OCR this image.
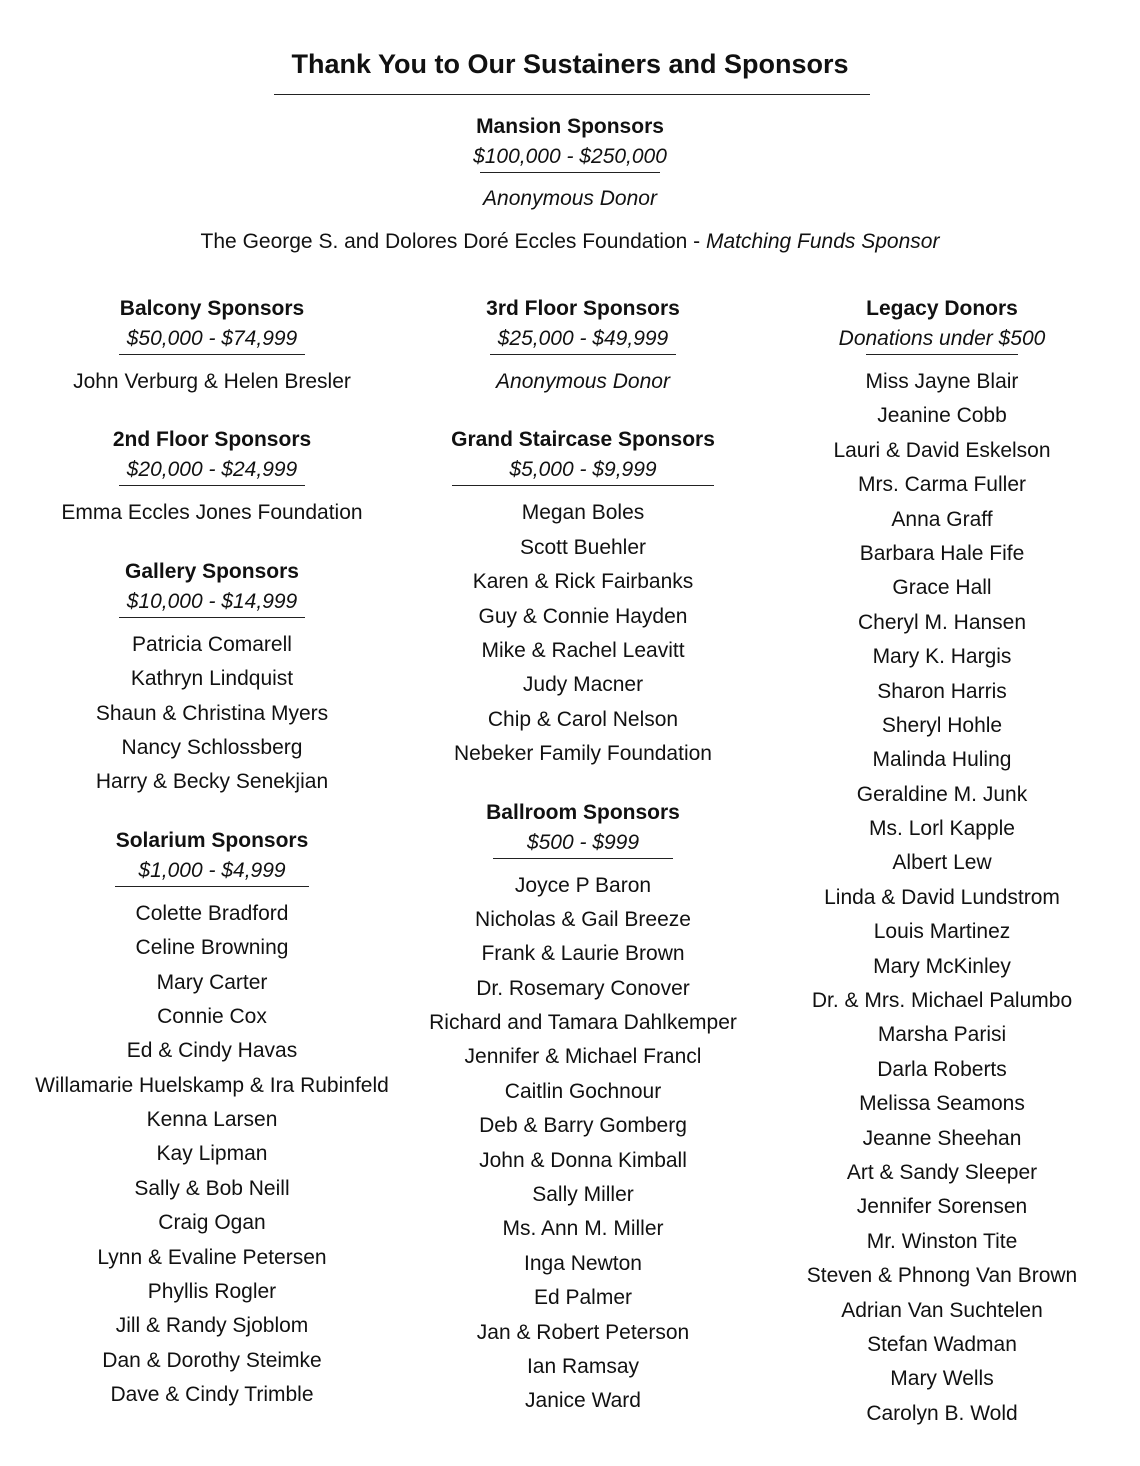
Thank You to Our Sustainers and Sponsors
Mansion Sponsors
$100,000 - $250,000
Anonymous Donor
The George S. and Dolores Doré Eccles Foundation - Matching Funds Sponsor
Balcony Sponsors
$50,000 - $74,999
John Verburg & Helen Bresler
2nd Floor Sponsors
$20,000 - $24,999
Emma Eccles Jones Foundation
Gallery Sponsors
$10,000 - $14,999
Patricia Comarell
Kathryn Lindquist
Shaun & Christina Myers
Nancy Schlossberg
Harry & Becky Senekjian
Solarium Sponsors
$1,000 - $4,999
Colette Bradford
Celine Browning
Mary Carter
Connie Cox
Ed & Cindy Havas
Willamarie Huelskamp & Ira Rubinfeld
Kenna Larsen
Kay Lipman
Sally & Bob Neill
Craig Ogan
Lynn & Evaline Petersen
Phyllis Rogler
Jill & Randy Sjoblom
Dan & Dorothy Steimke
Dave & Cindy Trimble
3rd Floor Sponsors
$25,000 - $49,999
Anonymous Donor
Grand Staircase Sponsors
$5,000 - $9,999
Megan Boles
Scott Buehler
Karen & Rick Fairbanks
Guy & Connie Hayden
Mike & Rachel Leavitt
Judy Macner
Chip & Carol Nelson
Nebeker Family Foundation
Ballroom Sponsors
$500 - $999
Joyce P Baron
Nicholas & Gail Breeze
Frank & Laurie Brown
Dr. Rosemary Conover
Richard and Tamara Dahlkemper
Jennifer & Michael Francl
Caitlin Gochnour
Deb & Barry Gomberg
John & Donna Kimball
Sally Miller
Ms. Ann M. Miller
Inga Newton
Ed Palmer
Jan & Robert Peterson
Ian Ramsay
Janice Ward
Legacy Donors
Donations under $500
Miss Jayne Blair
Jeanine Cobb
Lauri & David Eskelson
Mrs. Carma Fuller
Anna Graff
Barbara Hale Fife
Grace Hall
Cheryl M. Hansen
Mary K. Hargis
Sharon Harris
Sheryl Hohle
Malinda Huling
Geraldine M. Junk
Ms. Lorl Kapple
Albert Lew
Linda & David Lundstrom
Louis Martinez
Mary McKinley
Dr. & Mrs. Michael Palumbo
Marsha Parisi
Darla Roberts
Melissa Seamons
Jeanne Sheehan
Art & Sandy Sleeper
Jennifer Sorensen
Mr. Winston Tite
Steven & Phnong Van Brown
Adrian Van Suchtelen
Stefan Wadman
Mary Wells
Carolyn B. Wold
